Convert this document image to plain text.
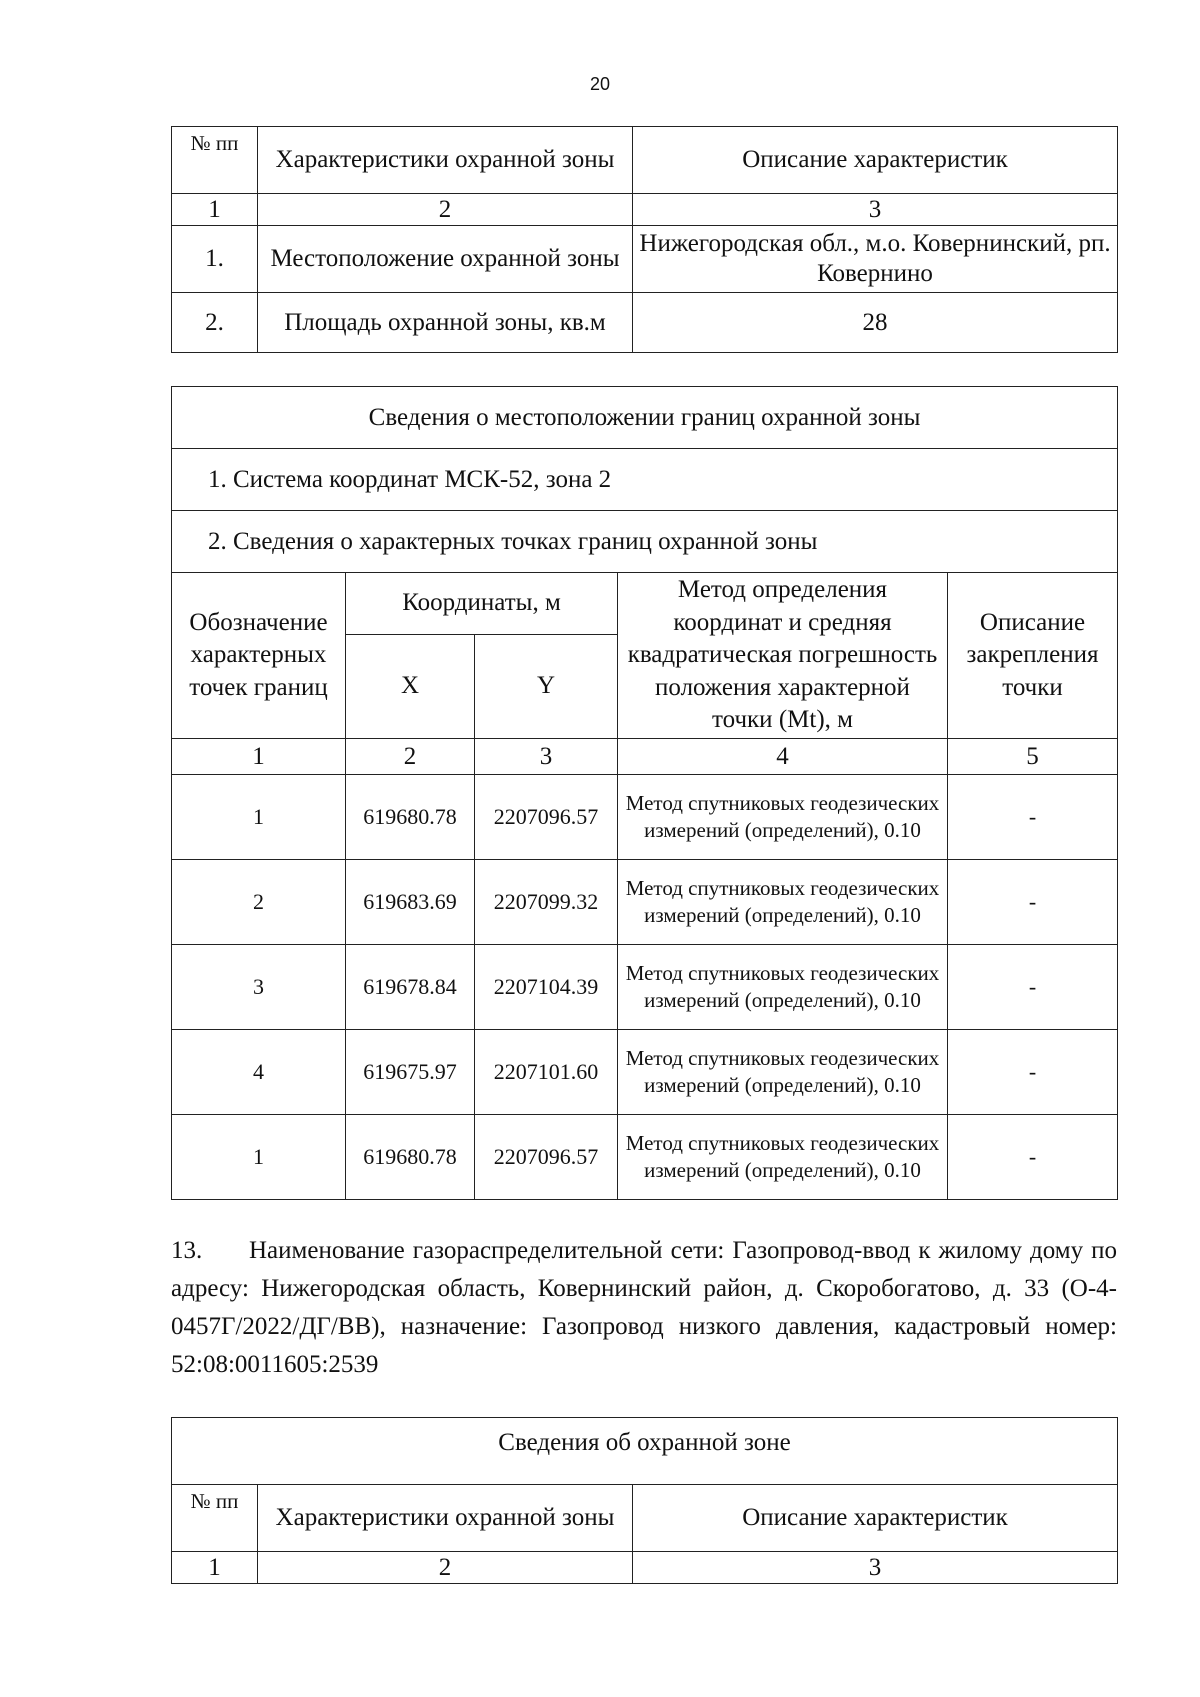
20
№ пп	Характеристики охранной зоны	Описание характеристик
1	2	3
1.	Местоположение охранной зоны	Нижегородская обл., м.о. Ковернинский, рп. Ковернино
2.	Площадь охранной зоны, кв.м	28
Сведения о местоположении границ охранной зоны				
1. Система координат МСК-52, зона 2				
2. Сведения о характерных точках границ охранной зоны				
Обозначение характерных точек границ	Координаты, м		Метод определения координат и средняя квадратическая погрешность положения характерной точки (Mt), м	Описание закрепления точки
	X	Y		
1	2	3	4	5
1	619680.78	2207096.57	Метод спутниковых геодезических измерений (определений), 0.10	-
2	619683.69	2207099.32	Метод спутниковых геодезических измерений (определений), 0.10	-
3	619678.84	2207104.39	Метод спутниковых геодезических измерений (определений), 0.10	-
4	619675.97	2207101.60	Метод спутниковых геодезических измерений (определений), 0.10	-
1	619680.78	2207096.57	Метод спутниковых геодезических измерений (определений), 0.10	-
13. Наименование газораспределительной сети: Газопровод-ввод к жилому дому по адресу: Нижегородская область, Ковернинский район, д. Скоробогатово, д. 33 (О-4-0457Г/2022/ДГ/ВВ), назначение: Газопровод низкого давления, кадастровый номер: 52:08:0011605:2539
Сведения об охранной зоне		
№ пп	Характеристики охранной зоны	Описание характеристик
1	2	3
